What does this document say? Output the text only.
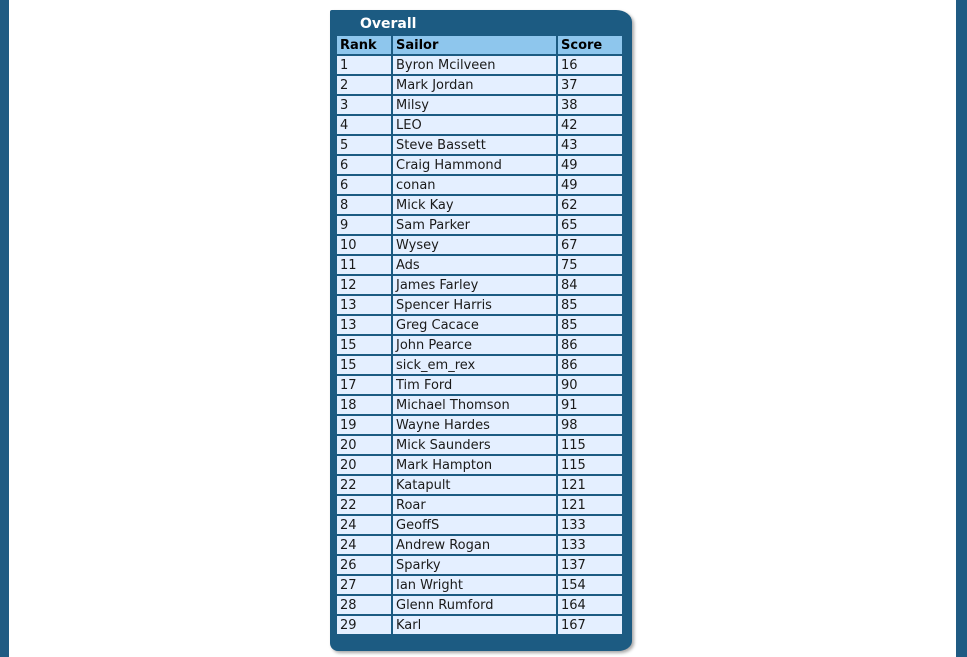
Overall
Rank	Sailor	Score
1	Byron Mcilveen	16
2	Mark Jordan	37
3	Milsy	38
4	LEO	42
5	Steve Bassett	43
6	Craig Hammond	49
6	conan	49
8	Mick Kay	62
9	Sam Parker	65
10	Wysey	67
11	Ads	75
12	James Farley	84
13	Spencer Harris	85
13	Greg Cacace	85
15	John Pearce	86
15	sick_em_rex	86
17	Tim Ford	90
18	Michael Thomson	91
19	Wayne Hardes	98
20	Mick Saunders	115
20	Mark Hampton	115
22	Katapult	121
22	Roar	121
24	GeoffS	133
24	Andrew Rogan	133
26	Sparky	137
27	Ian Wright	154
28	Glenn Rumford	164
29	Karl	167
